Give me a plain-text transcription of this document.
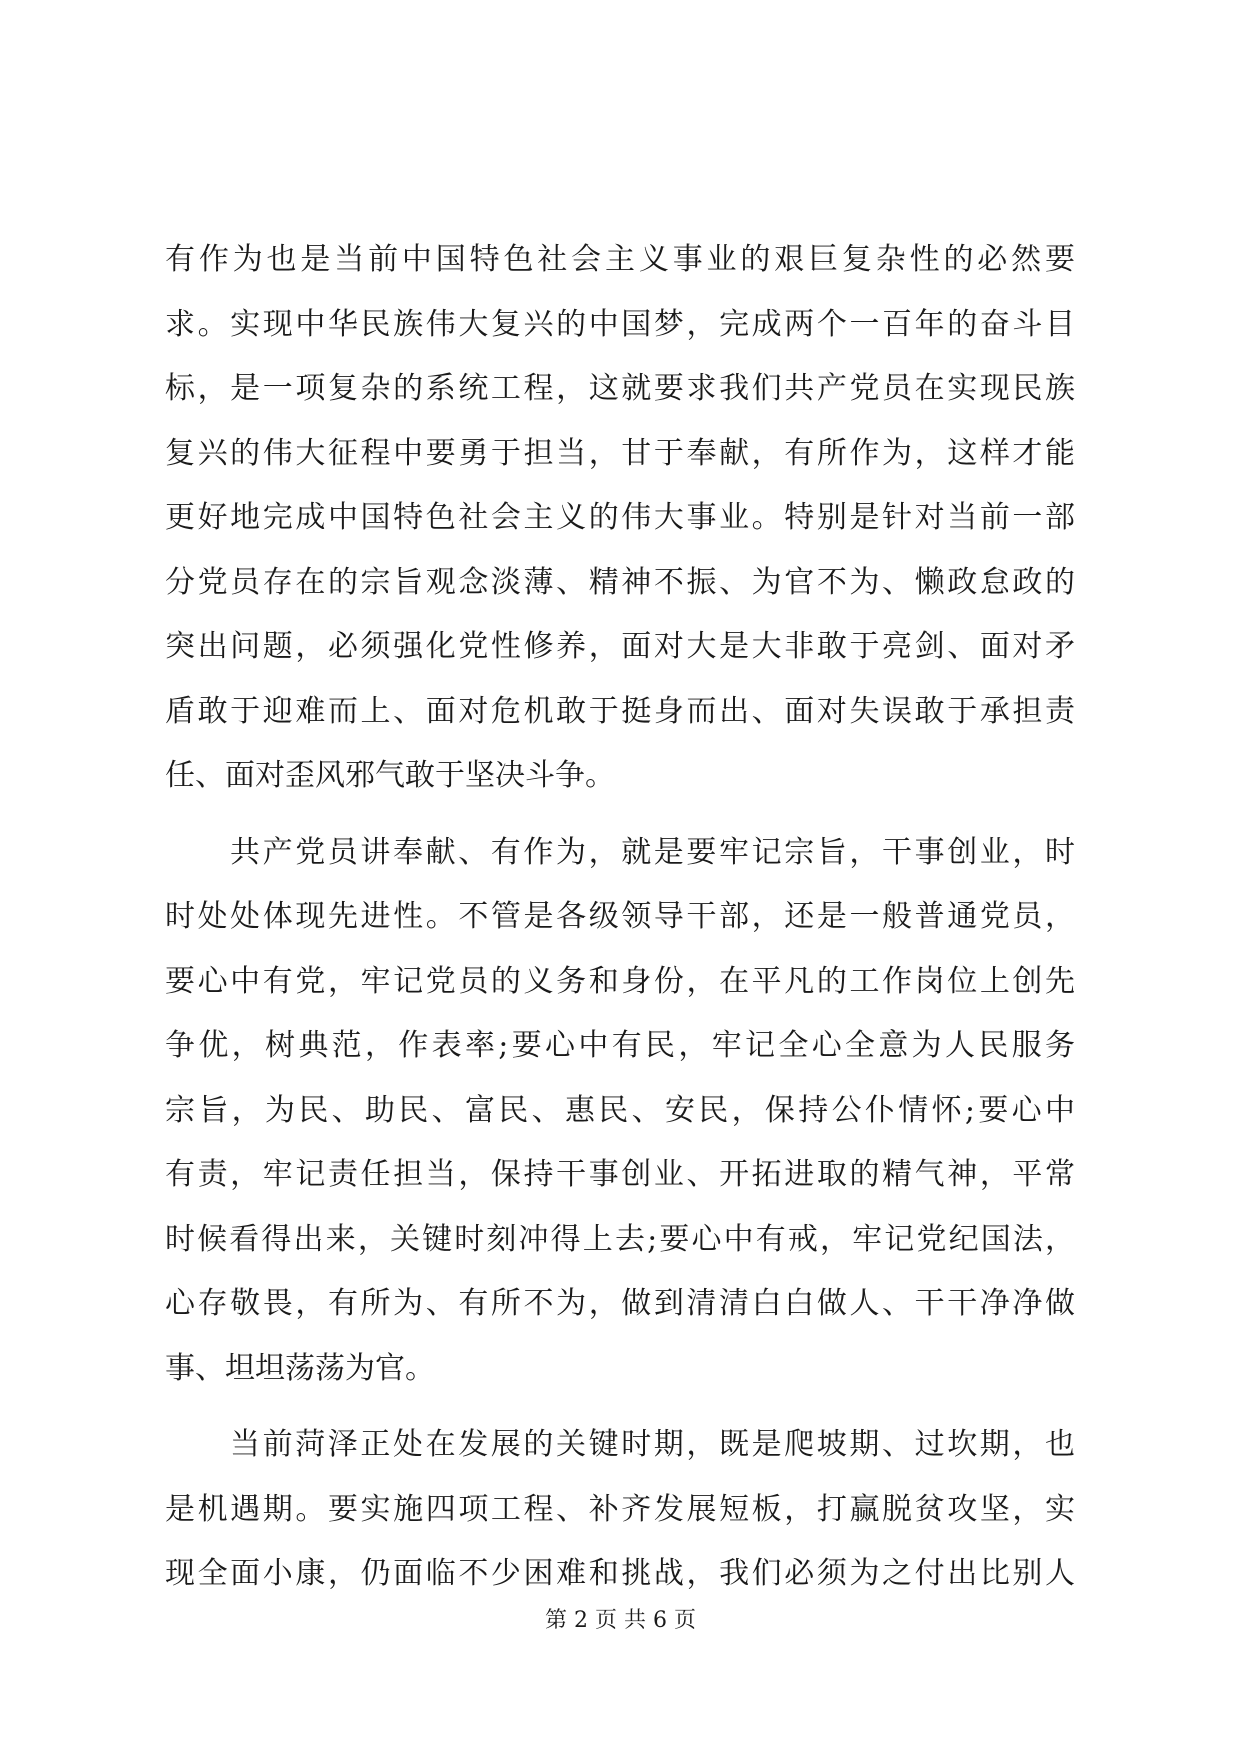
有作为也是当前中国特色社会主义事业的艰巨复杂性的必然要
求。实现中华民族伟大复兴的中国梦，完成两个一百年的奋斗目
标，是一项复杂的系统工程，这就要求我们共产党员在实现民族
复兴的伟大征程中要勇于担当，甘于奉献，有所作为，这样才能
更好地完成中国特色社会主义的伟大事业。特别是针对当前一部
分党员存在的宗旨观念淡薄、精神不振、为官不为、懒政怠政的
突出问题，必须强化党性修养，面对大是大非敢于亮剑、面对矛
盾敢于迎难而上、面对危机敢于挺身而出、面对失误敢于承担责
任、面对歪风邪气敢于坚决斗争。
共产党员讲奉献、有作为，就是要牢记宗旨，干事创业，时
时处处体现先进性。不管是各级领导干部，还是一般普通党员，
要心中有党，牢记党员的义务和身份，在平凡的工作岗位上创先
争优，树典范，作表率;要心中有民，牢记全心全意为人民服务
宗旨，为民、助民、富民、惠民、安民，保持公仆情怀;要心中
有责，牢记责任担当，保持干事创业、开拓进取的精气神，平常
时候看得出来，关键时刻冲得上去;要心中有戒，牢记党纪国法，
心存敬畏，有所为、有所不为，做到清清白白做人、干干净净做
事、坦坦荡荡为官。
当前菏泽正处在发展的关键时期，既是爬坡期、过坎期，也
是机遇期。要实施四项工程、补齐发展短板，打赢脱贫攻坚，实
现全面小康，仍面临不少困难和挑战，我们必须为之付出比别人
第 2 页 共 6 页
